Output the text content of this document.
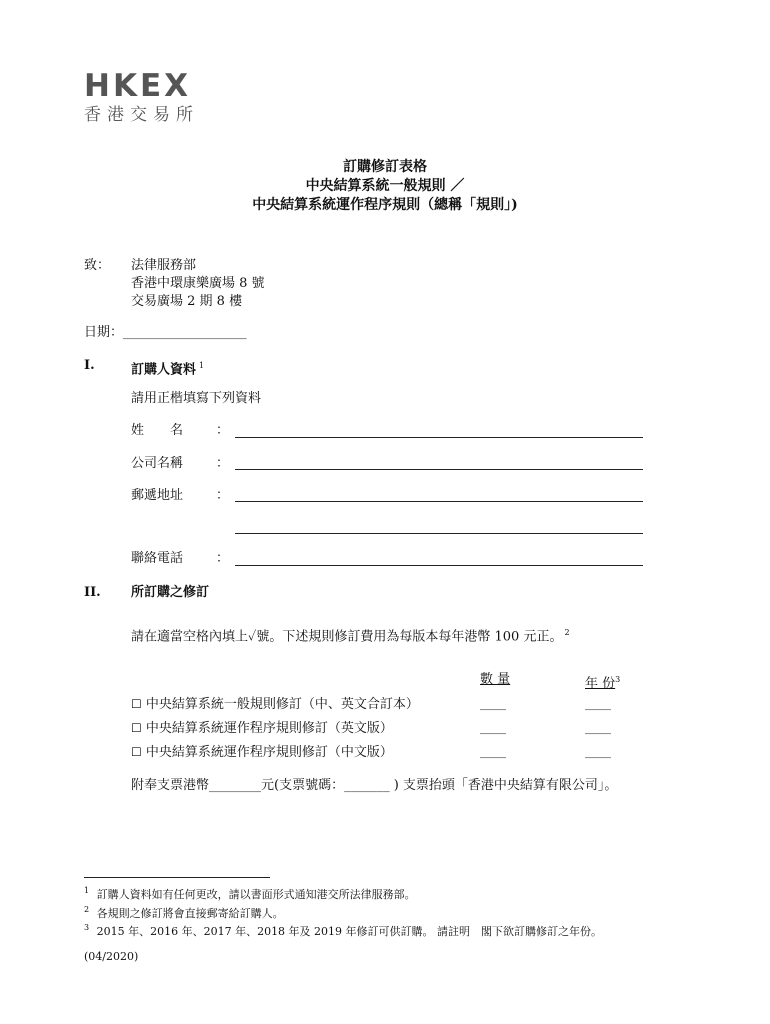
HKEX
香港交易所
訂購修訂表格
中央結算系統一般規則 ／
中央結算系統運作程序規則（總稱「規則」)
致： 法律服務部
香港中環康樂廣場 8 號
交易廣場 2 期 8 樓
日期：___________________
I.	訂購人資料 $^1$
請用正楷填寫下列資料
姓　　名	：
公司名稱	：
郵遞地址	：
聯絡電話	：
II. 所訂購之修訂
請在適當空格內填上✓號。下述規則修訂費用為每版本每年港幣 100 元正。 $^2$
數 量	年 份$^3$
☐ 中央結算系統一般規則修訂（中、英文合訂本）	____	____
☐ 中央結算系統運作程序規則修訂（英文版）	____	____
☐ 中央結算系統運作程序規則修訂（中文版）	____	____
附奉支票港幣________元(支票號碼：_______ ) 支票抬頭「香港中央結算有限公司」。
$^1$ 訂購人資料如有任何更改，請以書面形式通知港交所法律服務部。
$^2$ 各規則之修訂將會直接郵寄給訂購人。
$^3$ 2015 年、2016 年、2017 年、2018 年及 2019 年修訂可供訂購。 請註明　閣下欲訂購修訂之年份。
(04/2020)
